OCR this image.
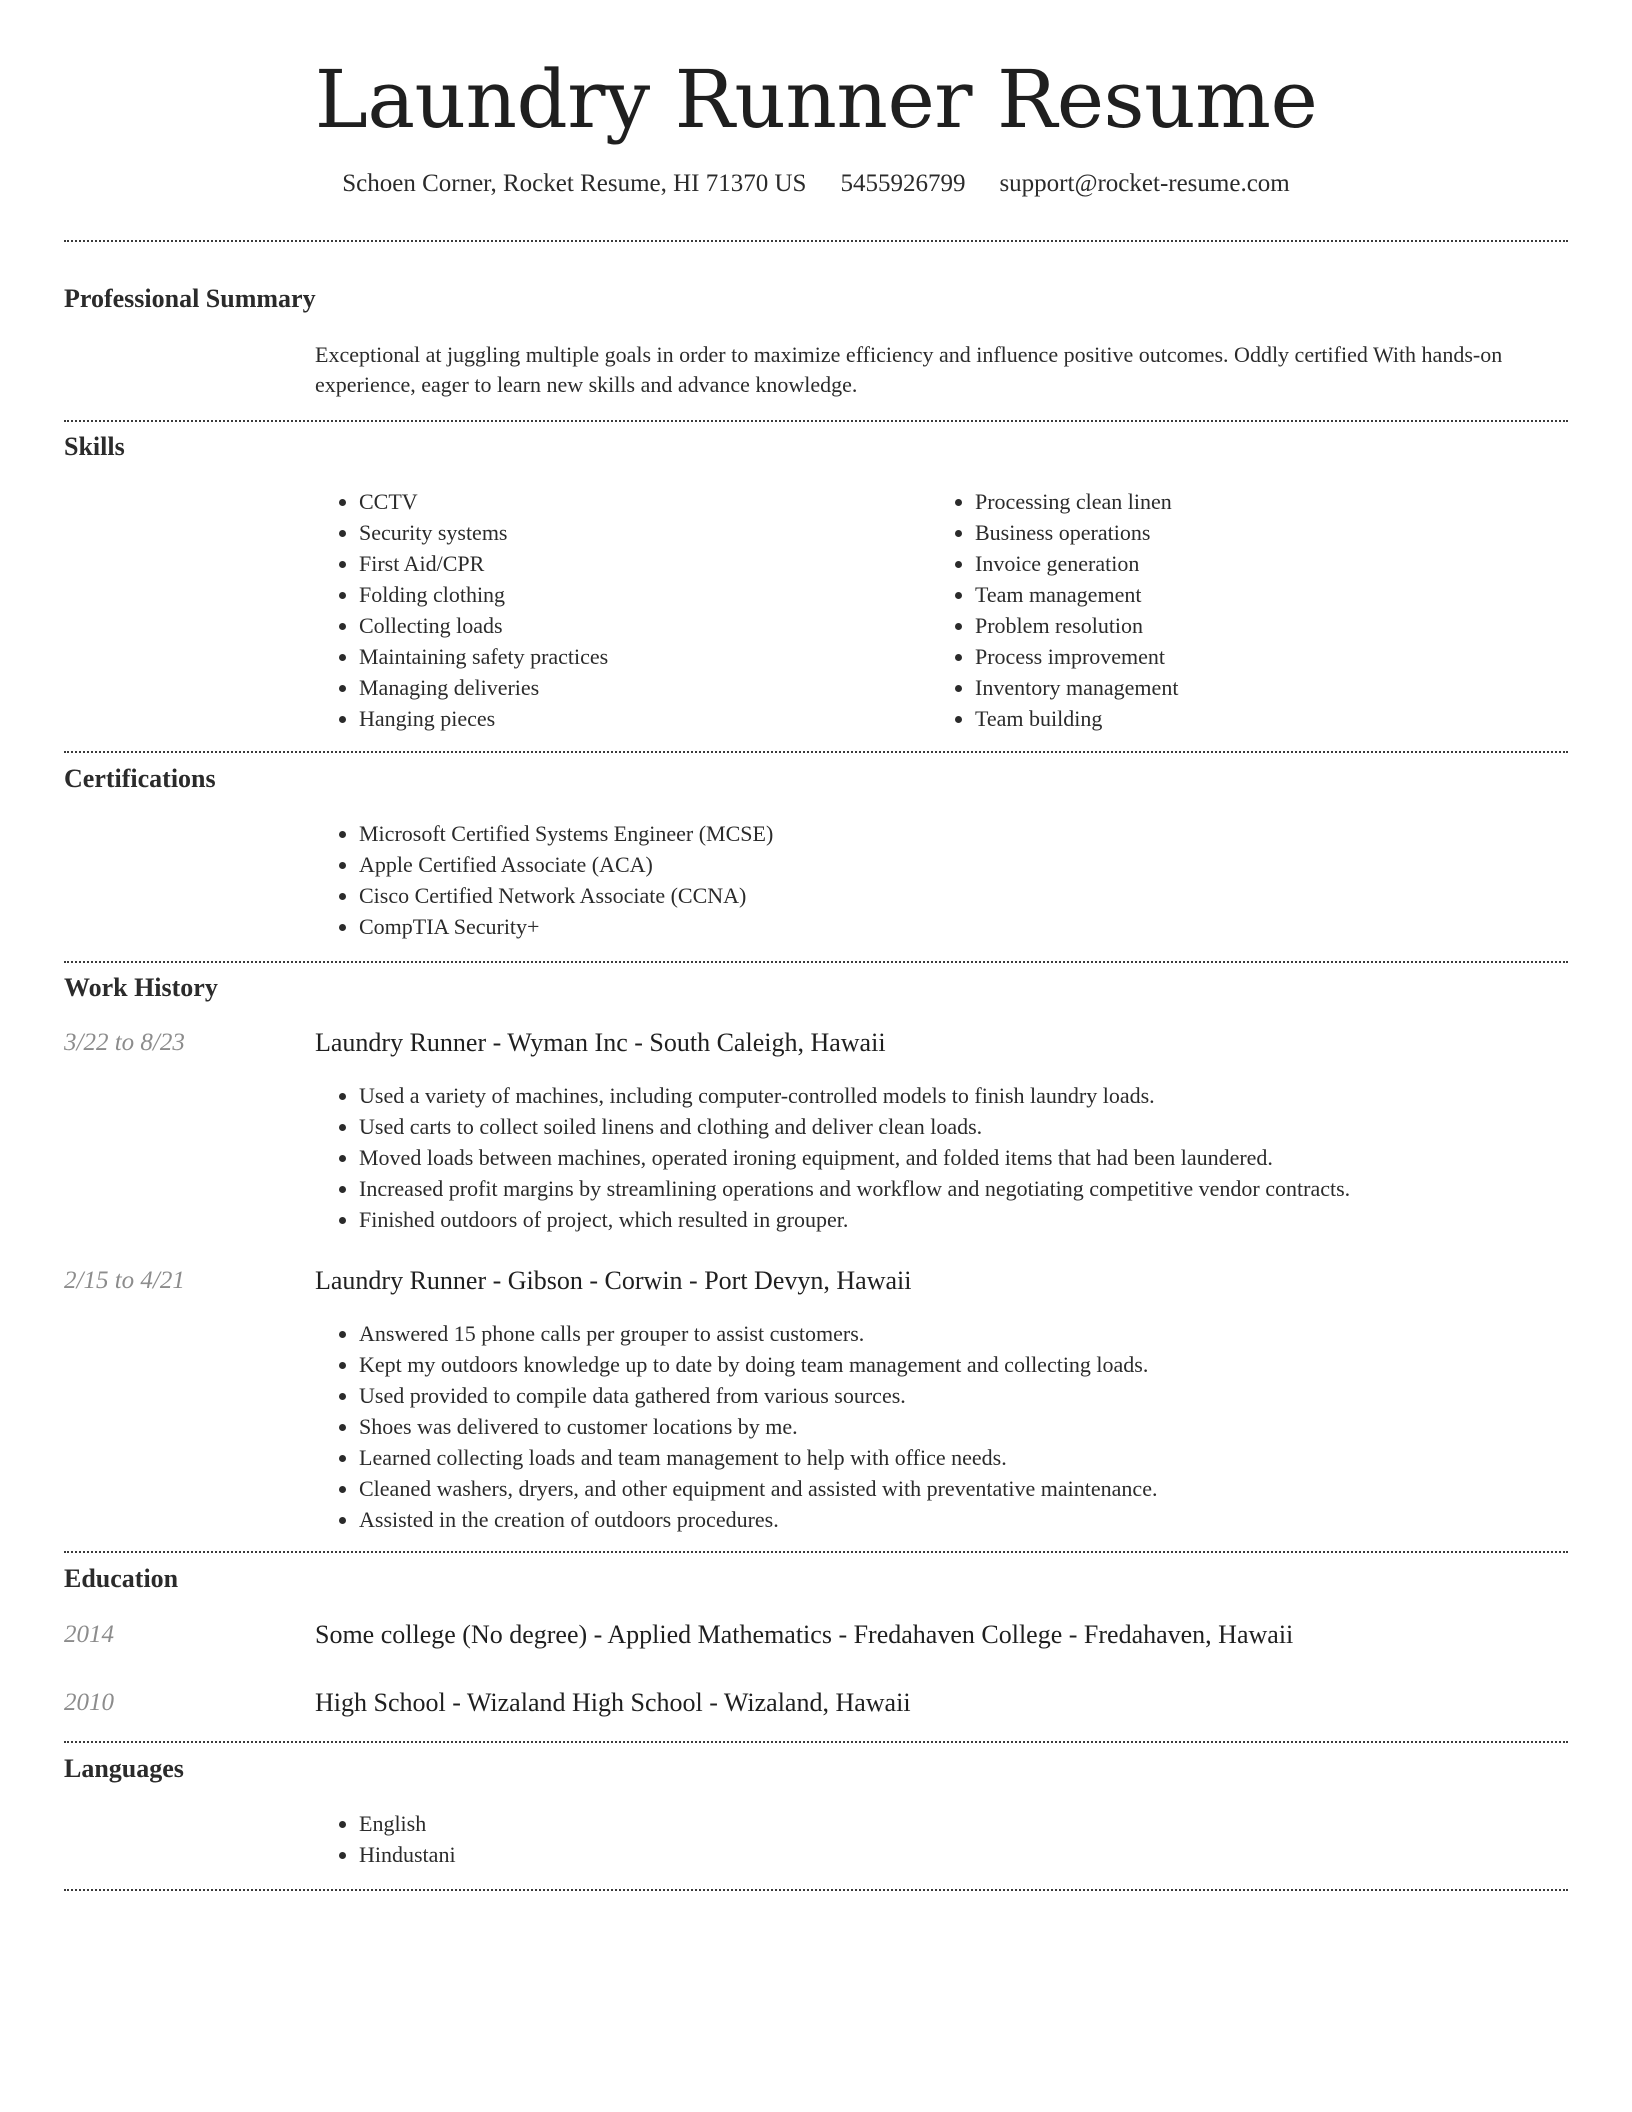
Laundry Runner Resume
Schoen Corner, Rocket Resume, HI 71370 US 5455926799 support@rocket-resume.com
Professional Summary
Exceptional at juggling multiple goals in order to maximize efficiency and influence positive outcomes. Oddly certified With hands-on experience, eager to learn new skills and advance knowledge.
Skills
• CCTV
• Security systems
• First Aid/CPR
• Folding clothing
• Collecting loads
• Maintaining safety practices
• Managing deliveries
• Hanging pieces
• Processing clean linen
• Business operations
• Invoice generation
• Team management
• Problem resolution
• Process improvement
• Inventory management
• Team building
Certifications
• Microsoft Certified Systems Engineer (MCSE)
• Apple Certified Associate (ACA)
• Cisco Certified Network Associate (CCNA)
• CompTIA Security+
Work History
3/22 to 8/23	Laundry Runner - Wyman Inc - South Caleigh, Hawaii
• Used a variety of machines, including computer-controlled models to finish laundry loads.
• Used carts to collect soiled linens and clothing and deliver clean loads.
• Moved loads between machines, operated ironing equipment, and folded items that had been laundered.
• Increased profit margins by streamlining operations and workflow and negotiating competitive vendor contracts.
• Finished outdoors of project, which resulted in grouper.
2/15 to 4/21	Laundry Runner - Gibson - Corwin - Port Devyn, Hawaii
• Answered 15 phone calls per grouper to assist customers.
• Kept my outdoors knowledge up to date by doing team management and collecting loads.
• Used provided to compile data gathered from various sources.
• Shoes was delivered to customer locations by me.
• Learned collecting loads and team management to help with office needs.
• Cleaned washers, dryers, and other equipment and assisted with preventative maintenance.
• Assisted in the creation of outdoors procedures.
Education
2014	Some college (No degree) - Applied Mathematics - Fredahaven College - Fredahaven, Hawaii
2010	High School - Wizaland High School - Wizaland, Hawaii
Languages
• English
• Hindustani
